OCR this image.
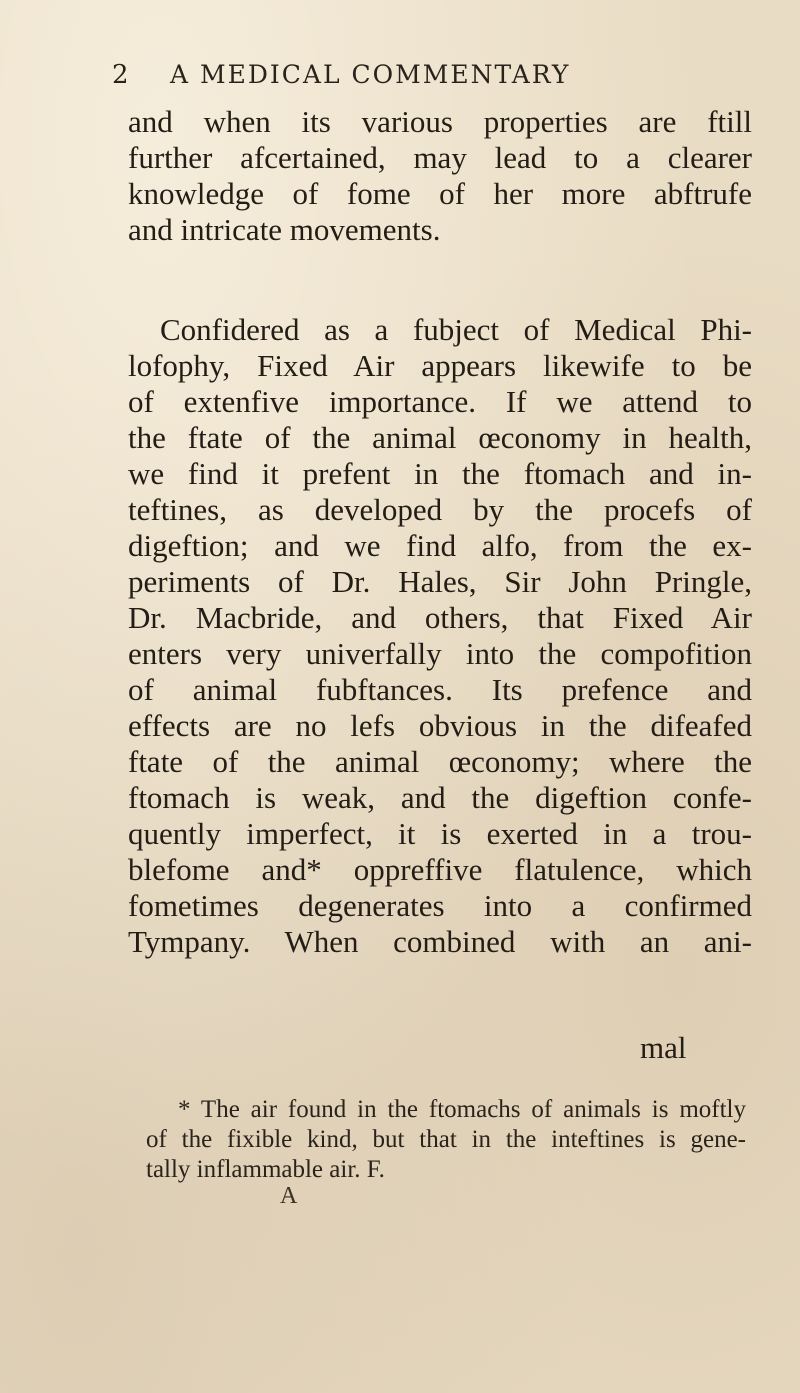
2	A MEDICAL COMMENTARY
and when its various properties are ftill
further afcertained, may lead to a clearer
knowledge of fome of her more abftrufe
and intricate movements.
Confidered as a fubject of Medical Phi-
lofophy, Fixed Air appears likewife to be
of extenfive importance. If we attend to
the ftate of the animal œconomy in health,
we find it prefent in the ftomach and in-
teftines, as developed by the procefs of
digeftion; and we find alfo, from the ex-
periments of Dr. Hales, Sir John Pringle,
Dr. Macbride, and others, that Fixed Air
enters very univerfally into the compofition
of animal fubftances. Its prefence and
effects are no lefs obvious in the difeafed
ftate of the animal œconomy; where the
ftomach is weak, and the digeftion confe-
quently imperfect, it is exerted in a trou-
blefome and* oppreffive flatulence, which
fometimes degenerates into a confirmed
Tympany. When combined with an ani-
mal
* The air found in the ftomachs of animals is moftly
of the fixible kind, but that in the inteftines is gene-
tally inflammable air. F.
A
